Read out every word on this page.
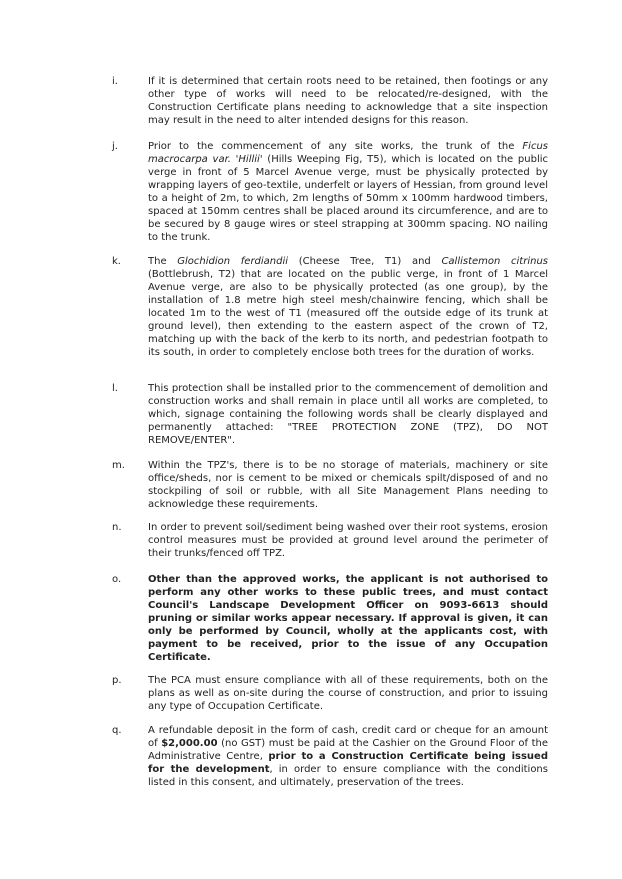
i.	If it is determined that certain roots need to be retained, then footings or any other type of works will need to be relocated/re-designed, with the Construction Certificate plans needing to acknowledge that a site inspection may result in the need to alter intended designs for this reason.
j.	Prior to the commencement of any site works, the trunk of the Ficus macrocarpa var. 'Hillii' (Hills Weeping Fig, T5), which is located on the public verge in front of 5 Marcel Avenue verge, must be physically protected by wrapping layers of geo-textile, underfelt or layers of Hessian, from ground level to a height of 2m, to which, 2m lengths of 50mm x 100mm hardwood timbers, spaced at 150mm centres shall be placed around its circumference, and are to be secured by 8 gauge wires or steel strapping at 300mm spacing. NO nailing to the trunk.
k.	The Glochidion ferdiandii (Cheese Tree, T1) and Callistemon citrinus (Bottlebrush, T2) that are located on the public verge, in front of 1 Marcel Avenue verge, are also to be physically protected (as one group), by the installation of 1.8 metre high steel mesh/chainwire fencing, which shall be located 1m to the west of T1 (measured off the outside edge of its trunk at ground level), then extending to the eastern aspect of the crown of T2, matching up with the back of the kerb to its north, and pedestrian footpath to its south, in order to completely enclose both trees for the duration of works.
l.	This protection shall be installed prior to the commencement of demolition and construction works and shall remain in place until all works are completed, to which, signage containing the following words shall be clearly displayed and permanently attached: "TREE PROTECTION ZONE (TPZ), DO NOT REMOVE/ENTER".
m.	Within the TPZ's, there is to be no storage of materials, machinery or site office/sheds, nor is cement to be mixed or chemicals spilt/disposed of and no stockpiling of soil or rubble, with all Site Management Plans needing to acknowledge these requirements.
n.	In order to prevent soil/sediment being washed over their root systems, erosion control measures must be provided at ground level around the perimeter of their trunks/fenced off TPZ.
o.	Other than the approved works, the applicant is not authorised to perform any other works to these public trees, and must contact Council's Landscape Development Officer on 9093-6613 should pruning or similar works appear necessary. If approval is given, it can only be performed by Council, wholly at the applicants cost, with payment to be received, prior to the issue of any Occupation Certificate.
p.	The PCA must ensure compliance with all of these requirements, both on the plans as well as on-site during the course of construction, and prior to issuing any type of Occupation Certificate.
q.	A refundable deposit in the form of cash, credit card or cheque for an amount of $2,000.00 (no GST) must be paid at the Cashier on the Ground Floor of the Administrative Centre, prior to a Construction Certificate being issued for the development, in order to ensure compliance with the conditions listed in this consent, and ultimately, preservation of the trees.
